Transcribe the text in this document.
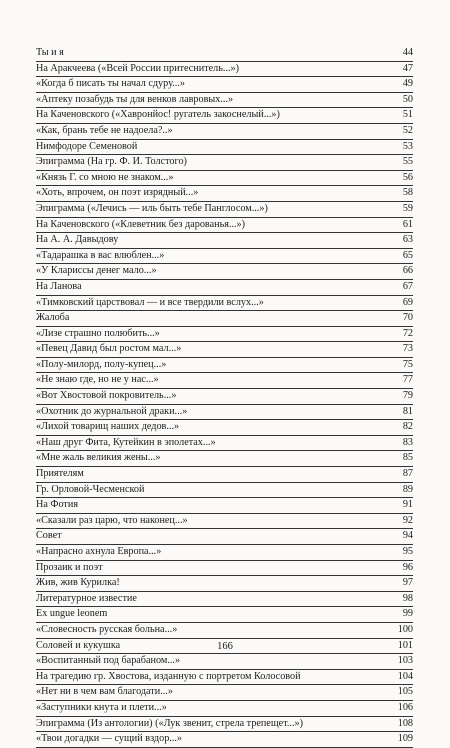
Ты и я	44
На Аракчеева («Всей России притеснитель...»)	47
«Когда б писать ты начал сдуру...»	49
«Аптеку позабудь ты для венков лавровых...»	50
На Каченовского («Хавронйос! ругатель закоснелый...»)	51
«Как, брань тебе не надоела?..»	52
Нимфодоре Семеновой	53
Эпиграмма (На гр. Ф. И. Толстого)	55
«Князь Г. со мною не знаком...»	56
«Хоть, впрочем, он поэт изрядный...»	58
Эпиграмма («Лечись — иль быть тебе Панглосом...»)	59
На Каченовского («Клеветник без дарованья...»)	61
На А. А. Давыдову	63
«Тадарашка в вас влюблен...»	65
«У Клариссы денег мало...»	66
На Ланова	67
«Тимковский царствовал — и все твердили вслух...»	69
Жалоба	70
«Лизе страшно полюбить...»	72
«Певец Давид был ростом мал...»	73
«Полу-милорд, полу-купец...»	75
«Не знаю где, но не у нас...»	77
«Вот Хвостовой покровитель...»	79
«Охотник до журнальной драки...»	81
«Лихой товарищ наших дедов...»	82
«Наш друг Фита, Кутейкин в эполетах...»	83
«Мне жаль великия жены...»	85
Приятелям	87
Гр. Орловой-Чесменской	89
На Фотия	91
«Сказали раз царю, что наконец...»	92
Совет	94
«Напрасно ахнула Европа...»	95
Прозаик и поэт	96
Жив, жив Курилка!	97
Литературное известие	98
Ex ungue leonem	99
«Словесность русская больна...»	100
Соловей и кукушка	101
«Воспитанный под барабаном...»	103
На трагедию гр. Хвостова, изданную с портретом Колосовой	104
«Нет ни в чем вам благодати...»	105
«Заступники кнута и плети...»	106
Эпиграмма (Из антологии) («Лук звенит, стрела трепещет...»)	108
«Твои догадки — сущий вздор...»	109
166
